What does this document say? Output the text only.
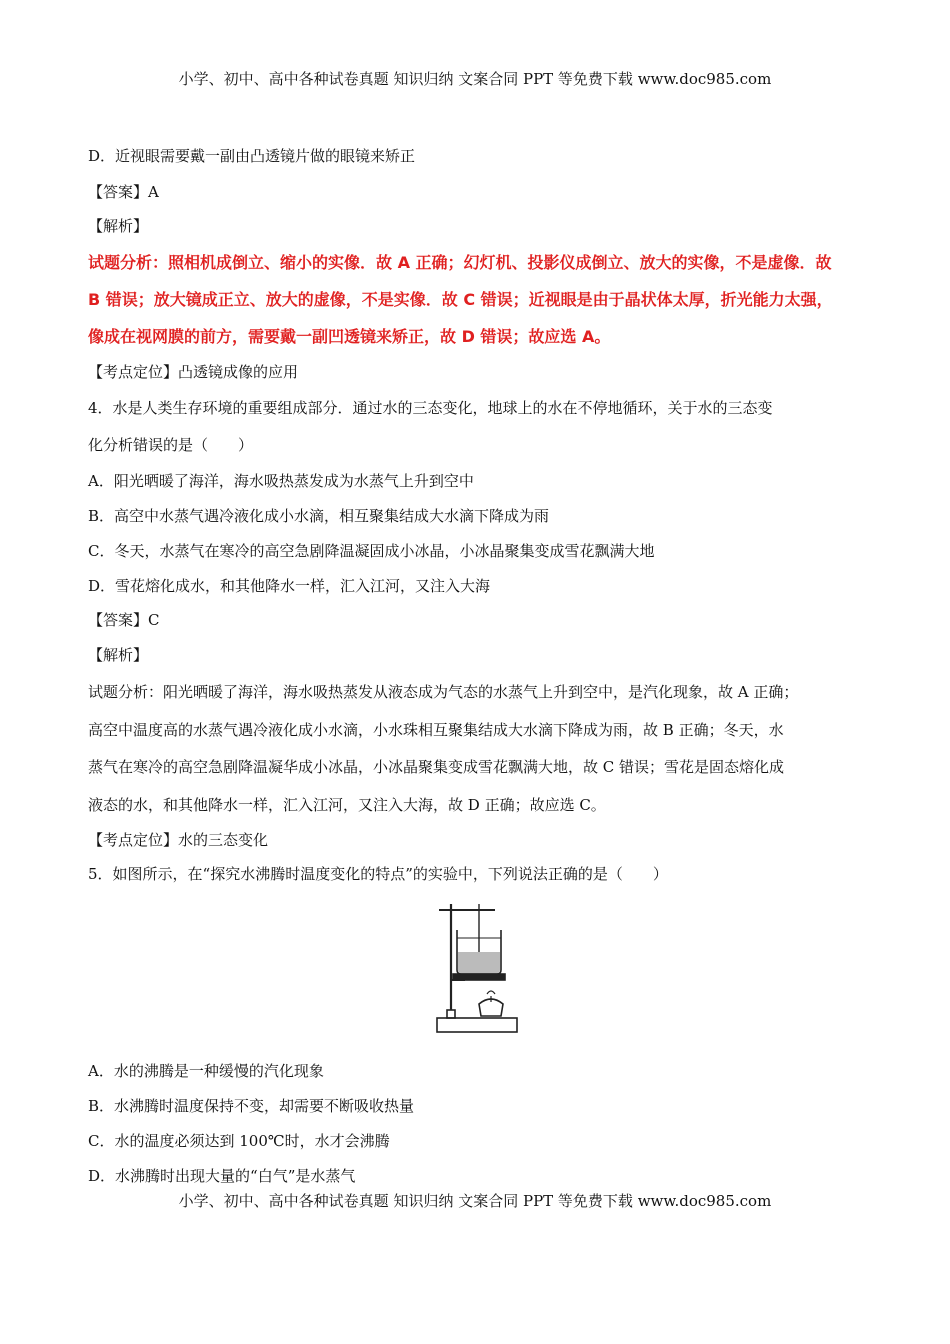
小学、初中、高中各种试卷真题 知识归纳 文案合同 PPT 等免费下载 www.doc985.com
D．近视眼需要戴一副由凸透镜片做的眼镜来矫正
【答案】A
【解析】
试题分析：照相机成倒立、缩小的实像．故 A 正确；幻灯机、投影仪成倒立、放大的实像，不是虚像．故
B 错误；放大镜成正立、放大的虚像，不是实像．故 C 错误；近视眼是由于晶状体太厚，折光能力太强，
像成在视网膜的前方，需要戴一副凹透镜来矫正，故 D 错误；故应选 A。
【考点定位】凸透镜成像的应用
4．水是人类生存环境的重要组成部分．通过水的三态变化，地球上的水在不停地循环，关于水的三态变
化分析错误的是（　　）
A．阳光晒暖了海洋，海水吸热蒸发成为水蒸气上升到空中
B．高空中水蒸气遇冷液化成小水滴，相互聚集结成大水滴下降成为雨
C．冬天，水蒸气在寒冷的高空急剧降温凝固成小冰晶，小冰晶聚集变成雪花飘满大地
D．雪花熔化成水，和其他降水一样，汇入江河，又注入大海
【答案】C
【解析】
试题分析：阳光晒暖了海洋，海水吸热蒸发从液态成为气态的水蒸气上升到空中，是汽化现象，故 A 正确；
高空中温度高的水蒸气遇冷液化成小水滴，小水珠相互聚集结成大水滴下降成为雨，故 B 正确；冬天，水
蒸气在寒冷的高空急剧降温凝华成小冰晶，小冰晶聚集变成雪花飘满大地，故 C 错误；雪花是固态熔化成
液态的水，和其他降水一样，汇入江河，又注入大海，故 D 正确；故应选 C。
【考点定位】水的三态变化
5．如图所示，在“探究水沸腾时温度变化的特点”的实验中，下列说法正确的是（　　）
A．水的沸腾是一种缓慢的汽化现象
B．水沸腾时温度保持不变，却需要不断吸收热量
C．水的温度必须达到 100℃时，水才会沸腾
D．水沸腾时出现大量的“白气”是水蒸气
小学、初中、高中各种试卷真题 知识归纳 文案合同 PPT 等免费下载 www.doc985.com
